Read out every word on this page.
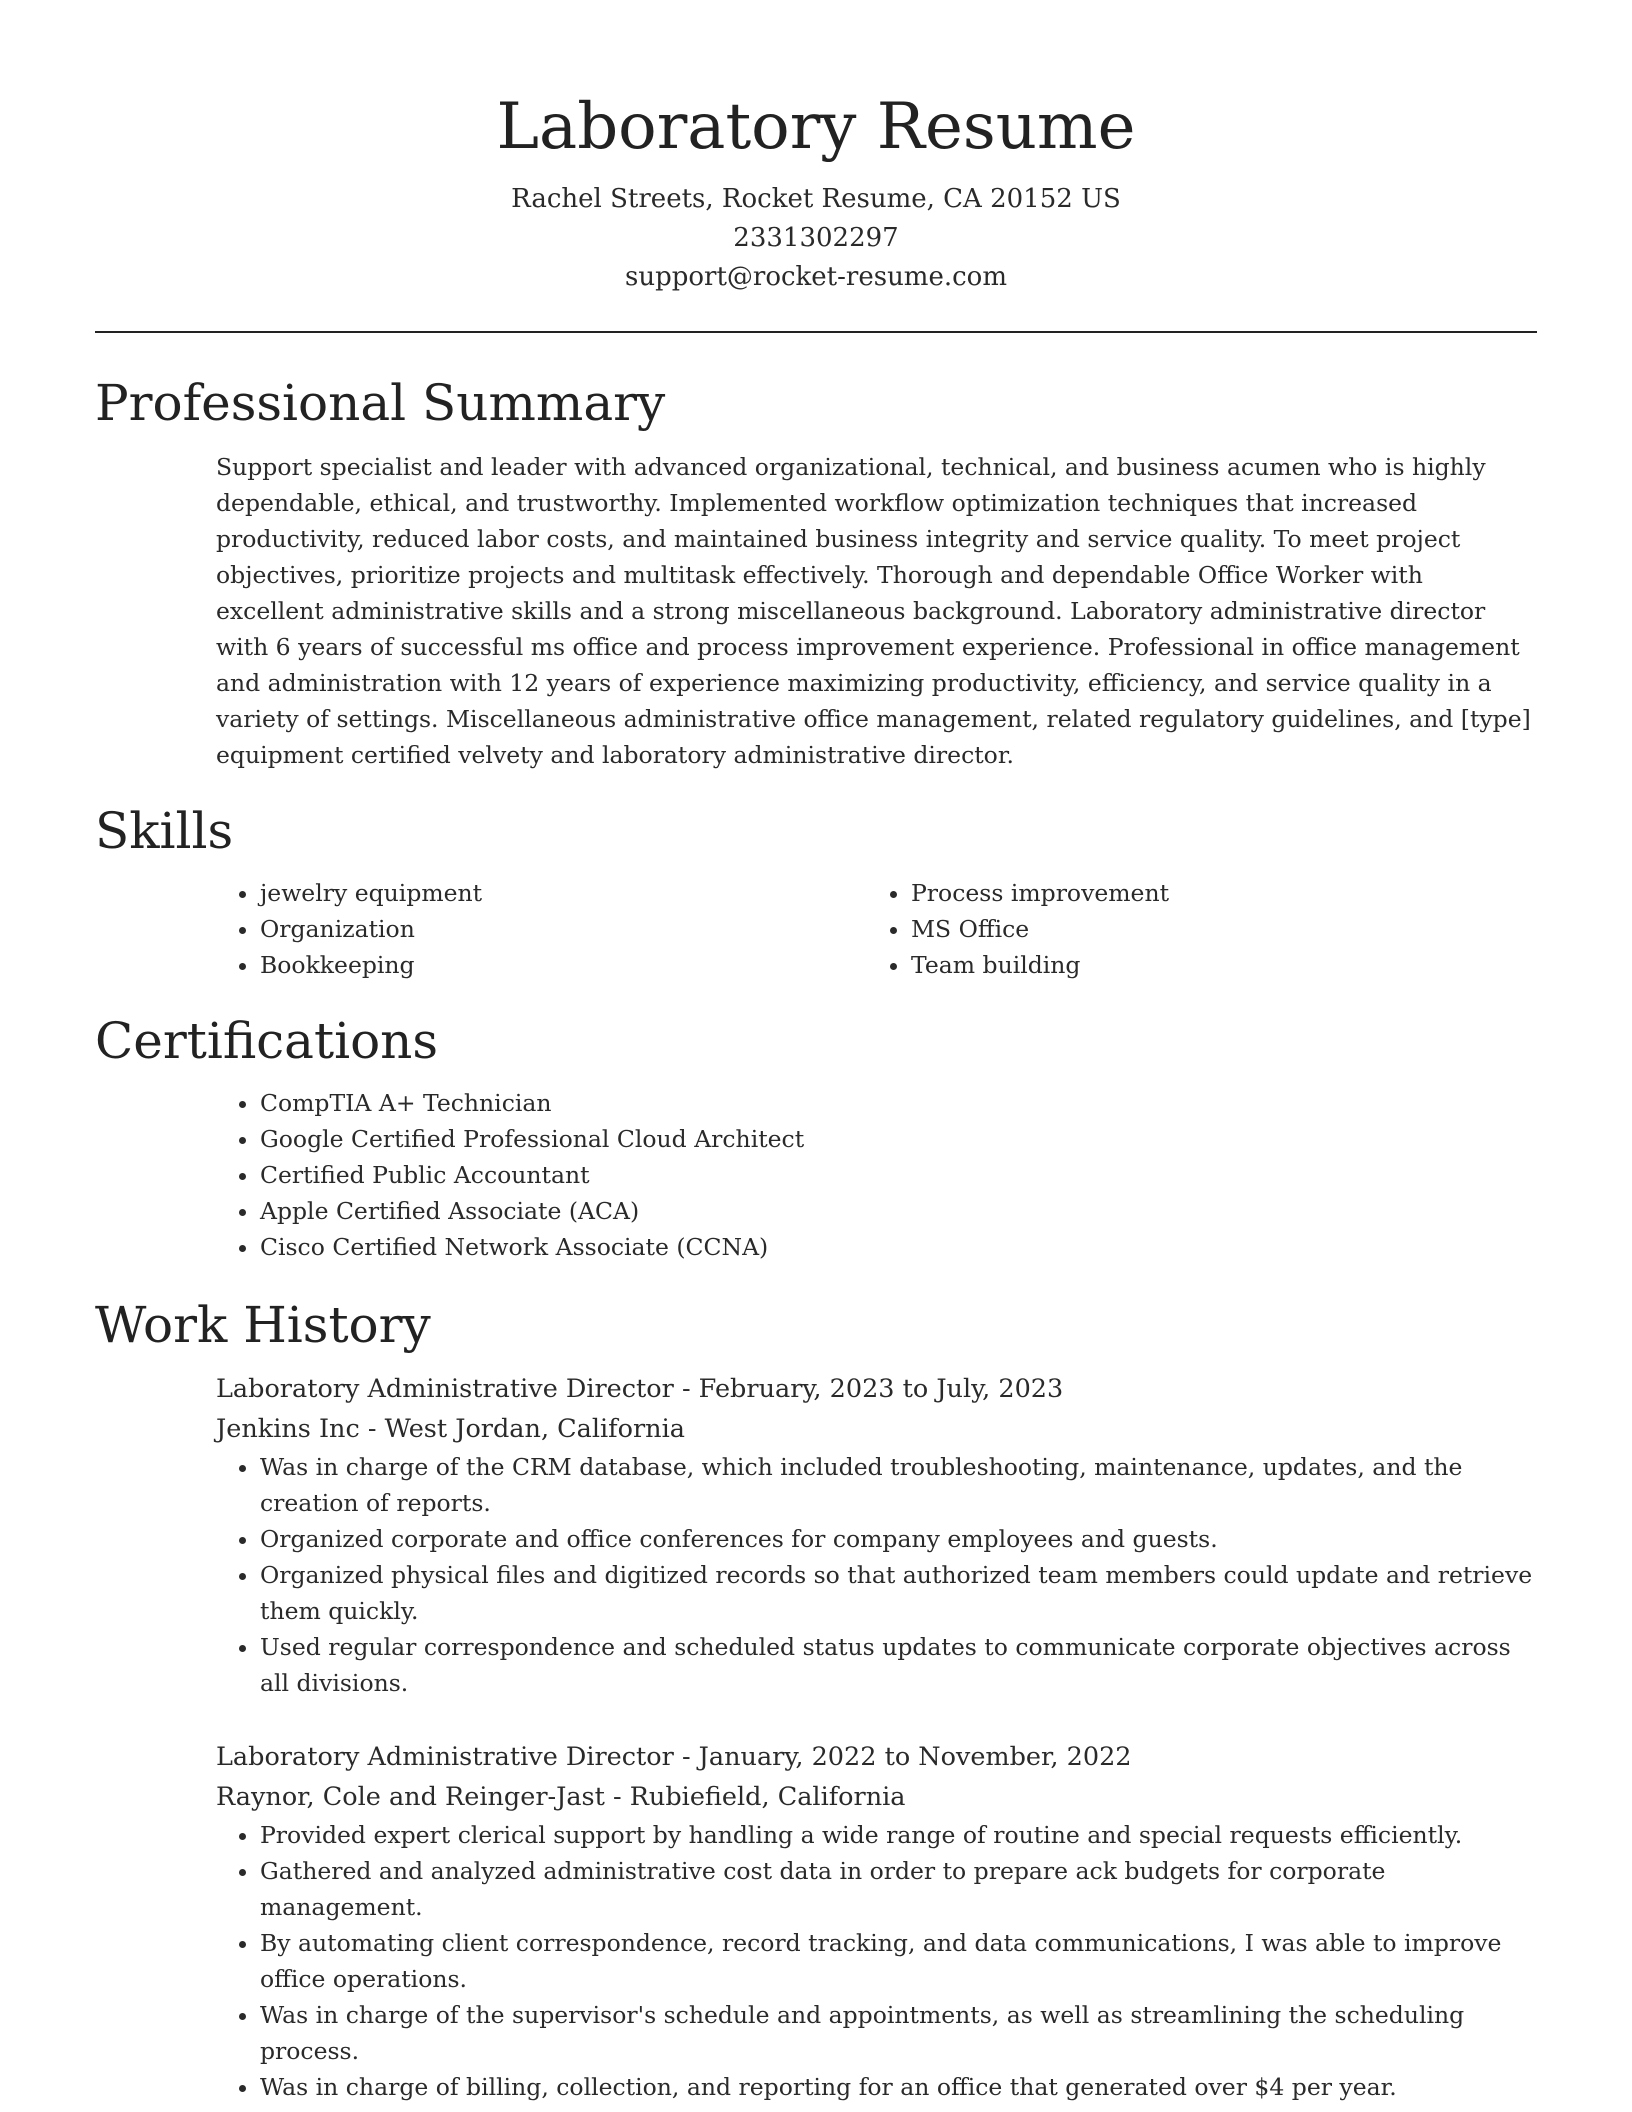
Laboratory Resume
Rachel Streets, Rocket Resume, CA 20152 US
2331302297
support@rocket-resume.com
Professional Summary

Support specialist and leader with advanced organizational, technical, and business acumen who is highly dependable, ethical, and trustworthy. Implemented workflow optimization techniques that increased productivity, reduced labor costs, and maintained business integrity and service quality. To meet project objectives, prioritize projects and multitask effectively. Thorough and dependable Office Worker with excellent administrative skills and a strong miscellaneous background. Laboratory administrative director with 6 years of successful ms office and process improvement experience. Professional in office management and administration with 12 years of experience maximizing productivity, efficiency, and service quality in a variety of settings. Miscellaneous administrative office management, related regulatory guidelines, and [type] equipment certified velvety and laboratory administrative director.

Skills
• jewelry equipment
• Organization
• Bookkeeping
• Process improvement
• MS Office
• Team building
Certifications
• CompTIA A+ Technician
• Google Certified Professional Cloud Architect
• Certified Public Accountant
• Apple Certified Associate (ACA)
• Cisco Certified Network Associate (CCNA)
Work History
Laboratory Administrative Director - February, 2023 to July, 2023
Jenkins Inc - West Jordan, California
• Was in charge of the CRM database, which included troubleshooting, maintenance, updates, and the creation of reports.
• Organized corporate and office conferences for company employees and guests.
• Organized physical files and digitized records so that authorized team members could update and retrieve them quickly.
• Used regular correspondence and scheduled status updates to communicate corporate objectives across all divisions.
Laboratory Administrative Director - January, 2022 to November, 2022
Raynor, Cole and Reinger-Jast - Rubiefield, California
• Provided expert clerical support by handling a wide range of routine and special requests efficiently.
• Gathered and analyzed administrative cost data in order to prepare ack budgets for corporate management.
• By automating client correspondence, record tracking, and data communications, I was able to improve office operations.
• Was in charge of the supervisor's schedule and appointments, as well as streamlining the scheduling process.
• Was in charge of billing, collection, and reporting for an office that generated over $4 per year.
